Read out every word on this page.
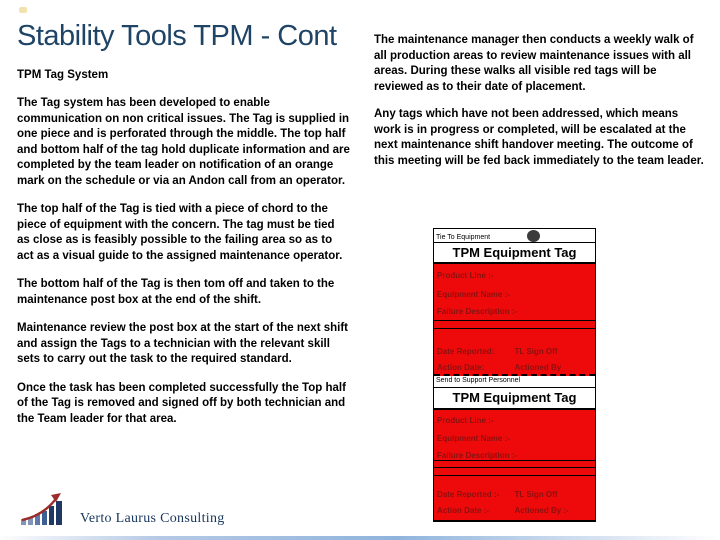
Stability Tools TPM - Cont
TPM Tag System

The Tag system has been developed to enable communication on non critical issues. The Tag is supplied in one piece and is perforated through the middle. The top half and bottom half of the tag hold duplicate information and are completed by the team leader on notification of an orange mark on the schedule or via an Andon call from an operator.

The top half of the Tag is tied with a piece of chord to the piece of equipment with the concern. The tag must be tied as close as is feasibly possible to the failing area so as to act as a visual guide to the assigned maintenance operator.

The bottom half of the Tag is then tom off and taken to the maintenance post box at the end of the shift.

Maintenance review the post box at the start of the next shift and assign the Tags to a technician with the relevant skill sets to carry out the task to the required standard.

Once the task has been completed successfully the Top half of the Tag is removed and signed off by both technician and the Team leader for that area.

The maintenance manager then conducts a weekly walk of all production areas to review maintenance issues with all areas. During these walks all visible red tags will be reviewed as to their date of placement.

Any tags which have not been addressed, which means work is in progress or completed, will be escalated at the next maintenance shift handover meeting. The outcome of this meeting will be fed back immediately to the team leader.

Tie To Equipment
TPM Equipment Tag
Product Line :-
Equipment Name :-
Failure Description :-
Date Reported:	TL Sign Off
Action Date:	Actioned By
Send to Support Personnel
TPM Equipment Tag
Product Line :-
Equipment Name :-
Failure Description :-
Date Reported :- TL Sign Off
Action Date :-	Actioned By :-
Verto Laurus Consulting
